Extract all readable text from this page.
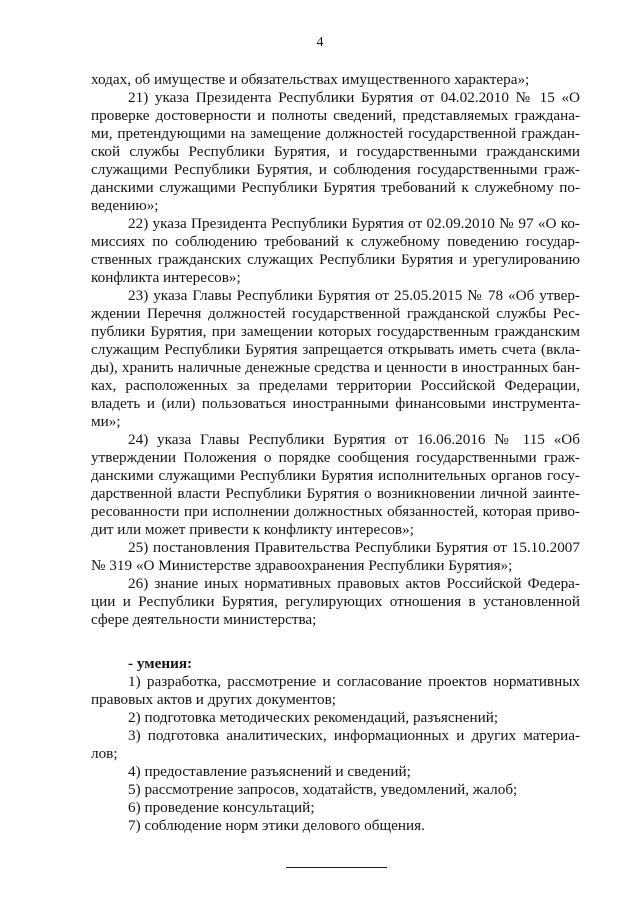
4
ходах, об имуществе и обязательствах имущественного характера»;
21) указа Президента Республики Бурятия от 04.02.2010 № 15 «О
проверке достоверности и полноты сведений, представляемых граждана-
ми, претендующими на замещение должностей государственной граждан-
ской службы Республики Бурятия, и государственными гражданскими
служащими Республики Бурятия, и соблюдения государственными граж-
данскими служащими Республики Бурятия требований к служебному по-
ведению»;
22) указа Президента Республики Бурятия от 02.09.2010 № 97 «О ко-
миссиях по соблюдению требований к служебному поведению государ-
ственных гражданских служащих Республики Бурятия и урегулированию
конфликта интересов»;
23) указа Главы Республики Бурятия от 25.05.2015 № 78 «Об утвер-
ждении Перечня должностей государственной гражданской службы Рес-
публики Бурятия, при замещении которых государственным гражданским
служащим Республики Бурятия запрещается открывать иметь счета (вкла-
ды), хранить наличные денежные средства и ценности в иностранных бан-
ках, расположенных за пределами территории Российской Федерации,
владеть и (или) пользоваться иностранными финансовыми инструмента-
ми»;
24) указа Главы Республики Бурятия от 16.06.2016 № 115 «Об
утверждении Положения о порядке сообщения государственными граж-
данскими служащими Республики Бурятия исполнительных органов госу-
дарственной власти Республики Бурятия о возникновении личной заинте-
ресованности при исполнении должностных обязанностей, которая приво-
дит или может привести к конфликту интересов»;
25) постановления Правительства Республики Бурятия от 15.10.2007
№ 319 «О Министерстве здравоохранения Республики Бурятия»;
26) знание иных нормативных правовых актов Российской Федера-
ции и Республики Бурятия, регулирующих отношения в установленной
сфере деятельности министерства;
- умения:
1) разработка, рассмотрение и согласование проектов нормативных
правовых актов и других документов;
2) подготовка методических рекомендаций, разъяснений;
3) подготовка аналитических, информационных и других материа-
лов;
4) предоставление разъяснений и сведений;
5) рассмотрение запросов, ходатайств, уведомлений, жалоб;
6) проведение консультаций;
7) соблюдение норм этики делового общения.
